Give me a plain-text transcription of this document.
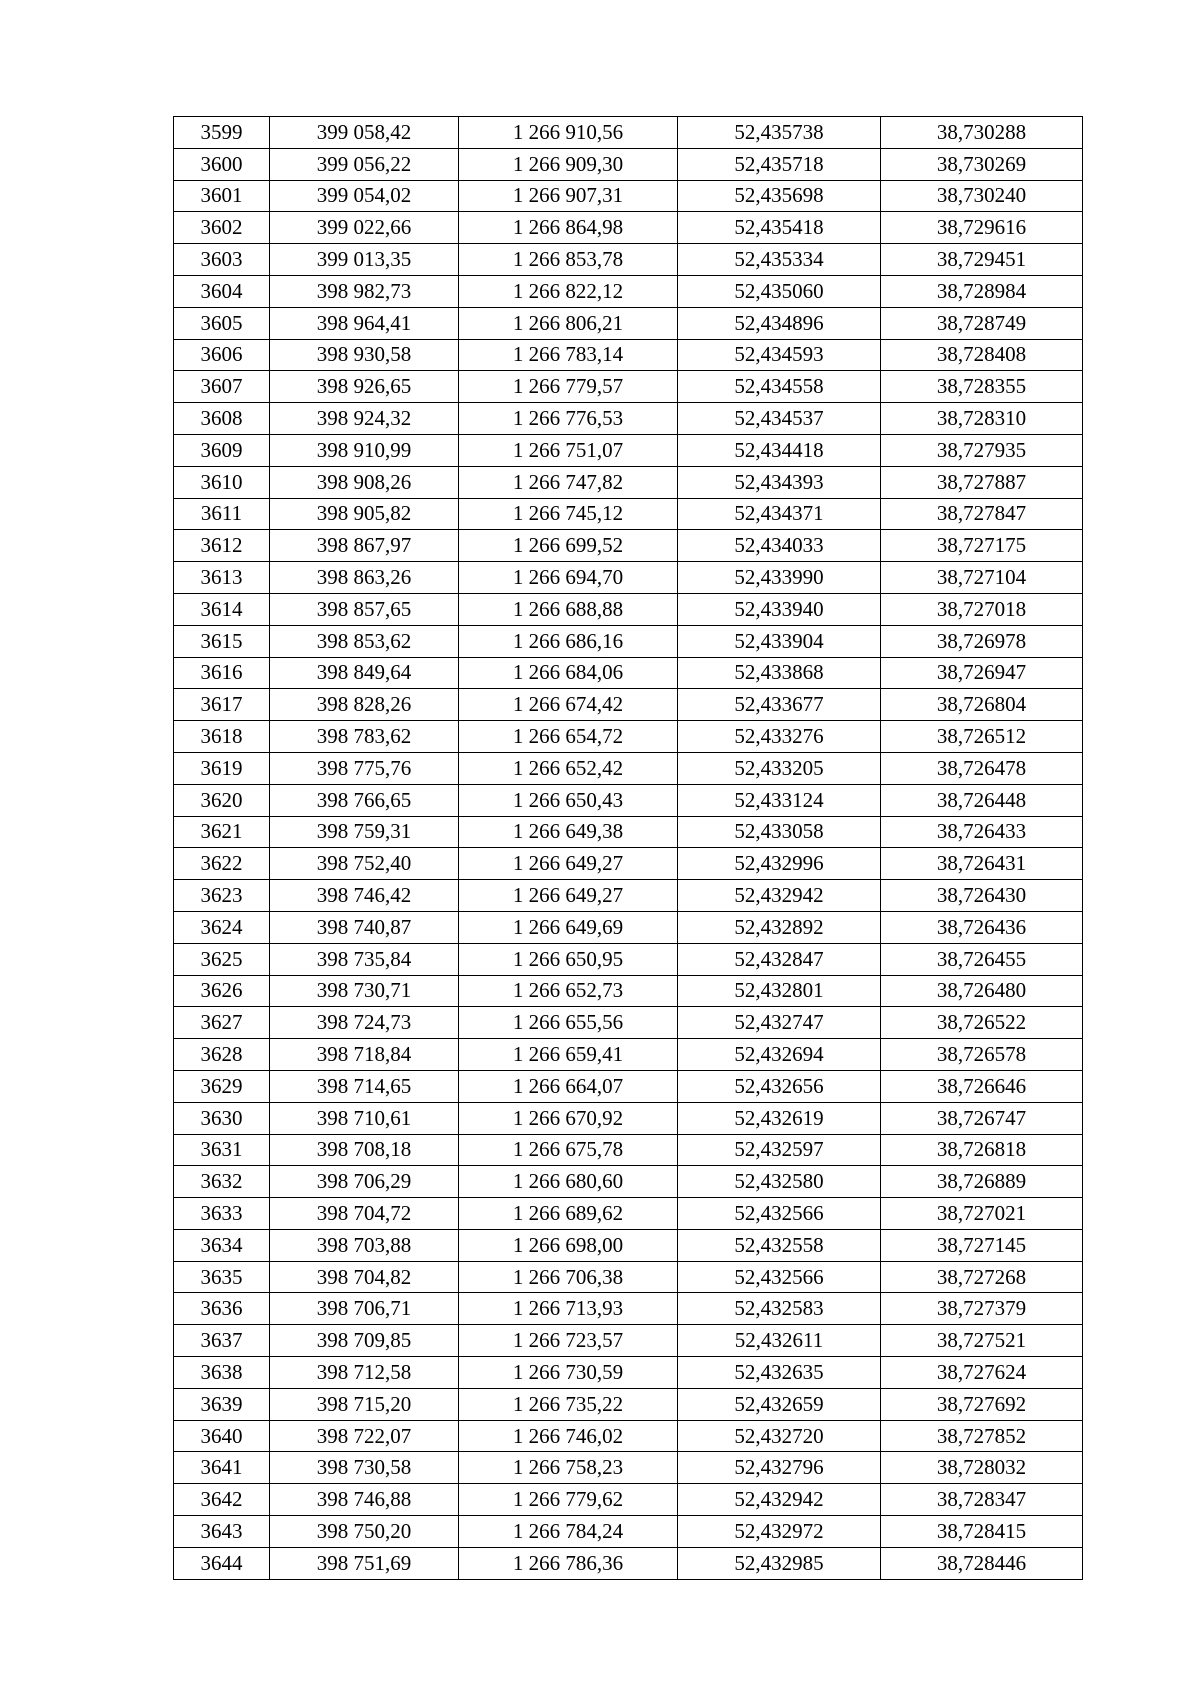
3599	399 058,42	1 266 910,56	52,435738	38,730288
3600	399 056,22	1 266 909,30	52,435718	38,730269
3601	399 054,02	1 266 907,31	52,435698	38,730240
3602	399 022,66	1 266 864,98	52,435418	38,729616
3603	399 013,35	1 266 853,78	52,435334	38,729451
3604	398 982,73	1 266 822,12	52,435060	38,728984
3605	398 964,41	1 266 806,21	52,434896	38,728749
3606	398 930,58	1 266 783,14	52,434593	38,728408
3607	398 926,65	1 266 779,57	52,434558	38,728355
3608	398 924,32	1 266 776,53	52,434537	38,728310
3609	398 910,99	1 266 751,07	52,434418	38,727935
3610	398 908,26	1 266 747,82	52,434393	38,727887
3611	398 905,82	1 266 745,12	52,434371	38,727847
3612	398 867,97	1 266 699,52	52,434033	38,727175
3613	398 863,26	1 266 694,70	52,433990	38,727104
3614	398 857,65	1 266 688,88	52,433940	38,727018
3615	398 853,62	1 266 686,16	52,433904	38,726978
3616	398 849,64	1 266 684,06	52,433868	38,726947
3617	398 828,26	1 266 674,42	52,433677	38,726804
3618	398 783,62	1 266 654,72	52,433276	38,726512
3619	398 775,76	1 266 652,42	52,433205	38,726478
3620	398 766,65	1 266 650,43	52,433124	38,726448
3621	398 759,31	1 266 649,38	52,433058	38,726433
3622	398 752,40	1 266 649,27	52,432996	38,726431
3623	398 746,42	1 266 649,27	52,432942	38,726430
3624	398 740,87	1 266 649,69	52,432892	38,726436
3625	398 735,84	1 266 650,95	52,432847	38,726455
3626	398 730,71	1 266 652,73	52,432801	38,726480
3627	398 724,73	1 266 655,56	52,432747	38,726522
3628	398 718,84	1 266 659,41	52,432694	38,726578
3629	398 714,65	1 266 664,07	52,432656	38,726646
3630	398 710,61	1 266 670,92	52,432619	38,726747
3631	398 708,18	1 266 675,78	52,432597	38,726818
3632	398 706,29	1 266 680,60	52,432580	38,726889
3633	398 704,72	1 266 689,62	52,432566	38,727021
3634	398 703,88	1 266 698,00	52,432558	38,727145
3635	398 704,82	1 266 706,38	52,432566	38,727268
3636	398 706,71	1 266 713,93	52,432583	38,727379
3637	398 709,85	1 266 723,57	52,432611	38,727521
3638	398 712,58	1 266 730,59	52,432635	38,727624
3639	398 715,20	1 266 735,22	52,432659	38,727692
3640	398 722,07	1 266 746,02	52,432720	38,727852
3641	398 730,58	1 266 758,23	52,432796	38,728032
3642	398 746,88	1 266 779,62	52,432942	38,728347
3643	398 750,20	1 266 784,24	52,432972	38,728415
3644	398 751,69	1 266 786,36	52,432985	38,728446
